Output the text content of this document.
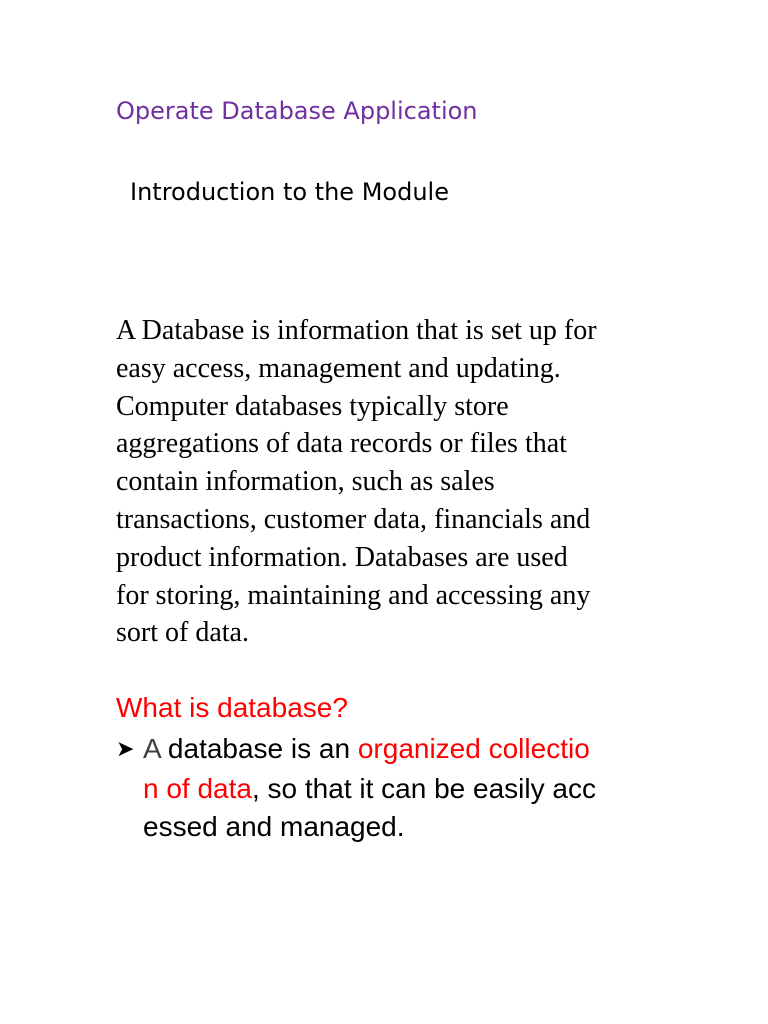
Operate Database Application
Introduction to the Module
A Database is information that is set up for
easy access, management and updating.
Computer databases typically store
aggregations of data records or files that
contain information, such as sales
transactions, customer data, financials and
product information. Databases are used
for storing, maintaining and accessing any
sort of data.
What is database?
➤ A database is an organized collectio
n of data, so that it can be easily acc
essed and managed.
